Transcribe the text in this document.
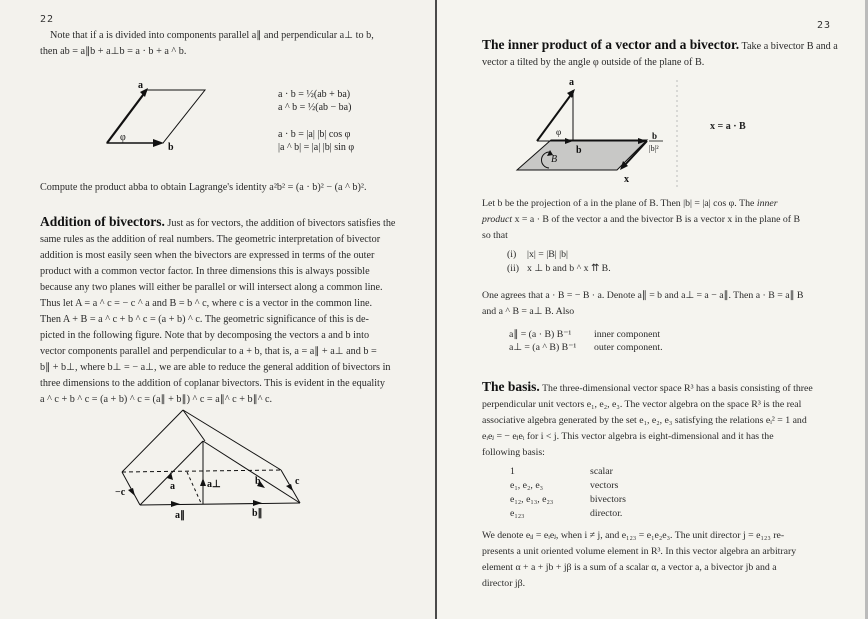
22
Note that if a is divided into components parallel a∥ and perpendicular a⊥ to b,
then ab = a∥b + a⊥b = a · b + a ^ b.
a
φ
b
a · b = ½(ab + ba)
a ^ b = ½(ab − ba)
a · b = |a| |b| cos φ
|a ^ b| = |a| |b| sin φ
Compute the product abba to obtain Lagrange's identity a²b² = (a · b)² − (a ^ b)².
Addition of bivectors. Just as for vectors, the addition of bivectors satisfies the
same rules as the addition of real numbers. The geometric interpretation of bivector
addition is most easily seen when the bivectors are expressed in terms of the outer
product with a common vector factor. In three dimensions this is always possible
because any two planes will either be parallel or will intersect along a common line.
Thus let A = a ^ c = − c ^ a and B = b ^ c, where c is a vector in the common line.
Then A + B = a ^ c + b ^ c = (a + b) ^ c. The geometric significance of this is de-
picted in the following figure. Note that by decomposing the vectors a and b into
vector components parallel and perpendicular to a + b, that is, a = a∥ + a⊥ and b =
b∥ + b⊥, where b⊥ = − a⊥, we are able to reduce the general addition of bivectors in
three dimensions to the addition of coplanar bivectors. This is evident in the equality
a ^ c + b ^ c = (a + b) ^ c = (a∥ + b∥) ^ c = a∥^ c + b∥^ c.
a	a⊥	b	c
−c
a∥	b∥
23
The inner product of a vector and a bivector. Take a bivector B and a
vector a tilted by the angle φ outside of the plane of B.
a
φ
b
B
x
b
|b|²
x = a · B
Let b be the projection of a in the plane of B. Then |b| = |a| cos φ. The inner
product x = a · B of the vector a and the bivector B is a vector x in the plane of B
so that
(i)	|x| = |B| |b|
(ii) x ⊥ b and b ^ x ⇈ B.
One agrees that a · B = − B · a. Denote a∥ = b and a⊥ = a − a∥. Then a · B = a∥ B
and a ^ B = a⊥ B. Also
a∥ = (a · B) B⁻¹	inner component
a⊥ = (a ^ B) B⁻¹	outer component.
The basis. The three-dimensional vector space R³ has a basis consisting of three
perpendicular unit vectors e₁, e₂, e₃. The vector algebra on the space R³ is the real
associative algebra generated by the set e₁, e₂, e₃ satisfying the relations eᵢ² = 1 and
eᵢeⱼ = − eⱼeᵢ for i < j. This vector algebra is eight-dimensional and it has the
following basis:
1	scalar
e₁, e₂, e₃	vectors
e₁₂, e₁₃, e₂₃	bivectors
e₁₂₃	director.
We denote eᵢⱼ = eᵢeⱼ, when i ≠ j, and e₁₂₃ = e₁e₂e₃. The unit director j = e₁₂₃ re-
presents a unit oriented volume element in R³. In this vector algebra an arbitrary
element α + a + jb + jβ is a sum of a scalar α, a vector a, a bivector jb and a
director jβ.
